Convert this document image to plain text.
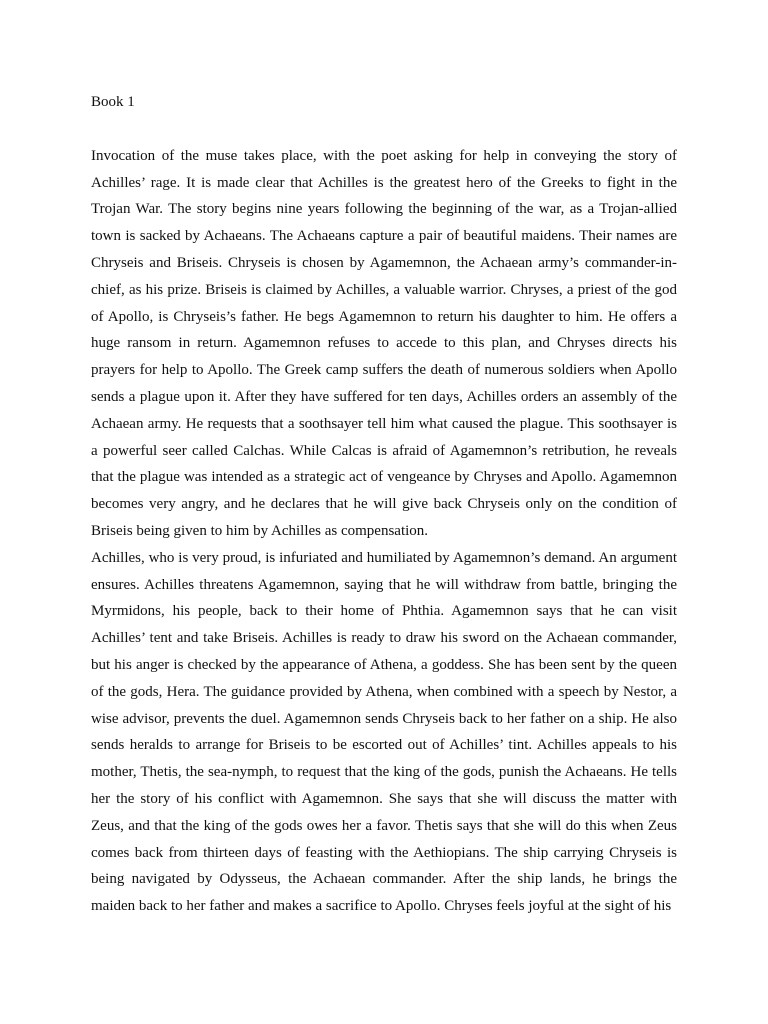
Book 1

Invocation of the muse takes place, with the poet asking for help in conveying the story of Achilles’ rage. It is made clear that Achilles is the greatest hero of the Greeks to fight in the Trojan War. The story begins nine years following the beginning of the war, as a Trojan-allied town is sacked by Achaeans. The Achaeans capture a pair of beautiful maidens. Their names are Chryseis and Briseis. Chryseis is chosen by Agamemnon, the Achaean army’s commander-in-chief, as his prize. Briseis is claimed by Achilles, a valuable warrior. Chryses, a priest of the god of Apollo, is Chryseis’s father. He begs Agamemnon to return his daughter to him. He offers a huge ransom in return. Agamemnon refuses to accede to this plan, and Chryses directs his prayers for help to Apollo. The Greek camp suffers the death of numerous soldiers when Apollo sends a plague upon it. After they have suffered for ten days, Achilles orders an assembly of the Achaean army. He requests that a soothsayer tell him what caused the plague. This soothsayer is a powerful seer called Calchas. While Calcas is afraid of Agamemnon’s retribution, he reveals that the plague was intended as a strategic act of vengeance by Chryses and Apollo. Agamemnon becomes very angry, and he declares that he will give back Chryseis only on the condition of Briseis being given to him by Achilles as compensation.

Achilles, who is very proud, is infuriated and humiliated by Agamemnon’s demand. An argument ensures. Achilles threatens Agamemnon, saying that he will withdraw from battle, bringing the Myrmidons, his people, back to their home of Phthia. Agamemnon says that he can visit Achilles’ tent and take Briseis. Achilles is ready to draw his sword on the Achaean commander, but his anger is checked by the appearance of Athena, a goddess. She has been sent by the queen of the gods, Hera. The guidance provided by Athena, when combined with a speech by Nestor, a wise advisor, prevents the duel. Agamemnon sends Chryseis back to her father on a ship. He also sends heralds to arrange for Briseis to be escorted out of Achilles’ tint. Achilles appeals to his mother, Thetis, the sea-nymph, to request that the king of the gods, punish the Achaeans. He tells her the story of his conflict with Agamemnon. She says that she will discuss the matter with Zeus, and that the king of the gods owes her a favor. Thetis says that she will do this when Zeus comes back from thirteen days of feasting with the Aethiopians. The ship carrying Chryseis is being navigated by Odysseus, the Achaean commander. After the ship lands, he brings the maiden back to her father and makes a sacrifice to Apollo. Chryses feels joyful at the sight of his
